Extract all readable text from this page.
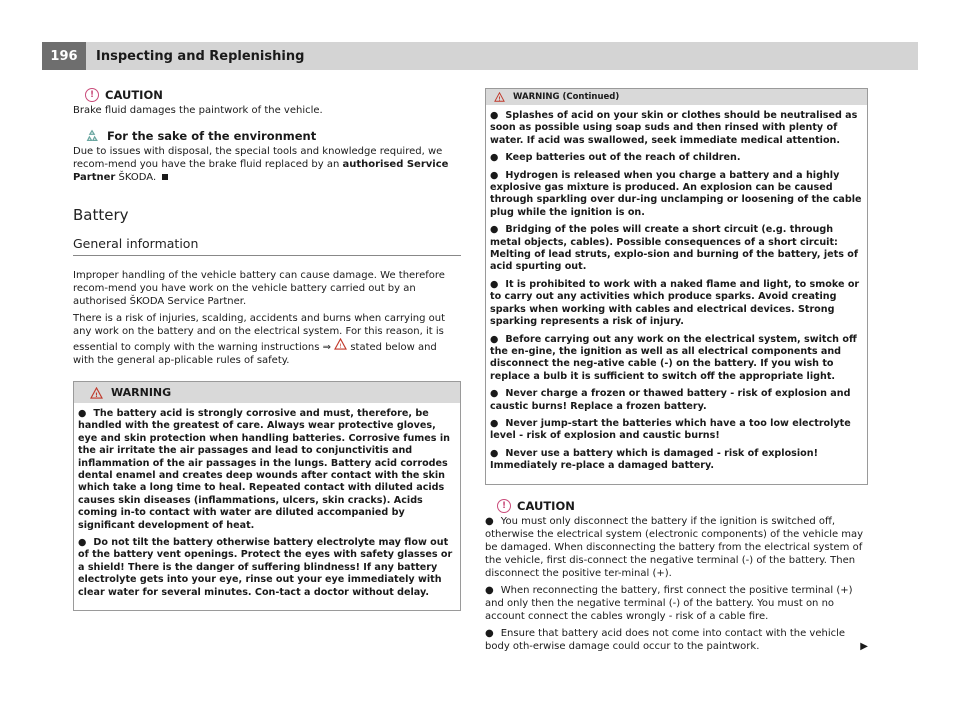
196	Inspecting and Replenishing
! CAUTION
Brake fluid damages the paintwork of the vehicle.
For the sake of the environment
Due to issues with disposal, the special tools and knowledge required, we recom-mend you have the brake fluid replaced by an authorised Service Partner ŠKODA.
Battery
General information
Improper handling of the vehicle battery can cause damage. We therefore recom-mend you have work on the vehicle battery carried out by an authorised ŠKODA Service Partner.
There is a risk of injuries, scalding, accidents and burns when carrying out any work on the battery and on the electrical system. For this reason, it is essential to comply with the warning instructions ⇒ ! stated below and with the general ap-plicable rules of safety.
! WARNING
● The battery acid is strongly corrosive and must, therefore, be handled with the greatest of care. Always wear protective gloves, eye and skin protection when handling batteries. Corrosive fumes in the air irritate the air passages and lead to conjunctivitis and inflammation of the air passages in the lungs. Battery acid corrodes dental enamel and creates deep wounds after contact with the skin which take a long time to heal. Repeated contact with diluted acids causes skin diseases (inflammations, ulcers, skin cracks). Acids coming in-to contact with water are diluted accompanied by significant development of heat.
● Do not tilt the battery otherwise battery electrolyte may flow out of the battery vent openings. Protect the eyes with safety glasses or a shield! There is the danger of suffering blindness! If any battery electrolyte gets into your eye, rinse out your eye immediately with clear water for several minutes. Con-tact a doctor without delay.
! WARNING (Continued)
● Splashes of acid on your skin or clothes should be neutralised as soon as possible using soap suds and then rinsed with plenty of water. If acid was swallowed, seek immediate medical attention.
● Keep batteries out of the reach of children.
● Hydrogen is released when you charge a battery and a highly explosive gas mixture is produced. An explosion can be caused through sparkling over dur-ing unclamping or loosening of the cable plug while the ignition is on.
● Bridging of the poles will create a short circuit (e.g. through metal objects, cables). Possible consequences of a short circuit: Melting of lead struts, explo-sion and burning of the battery, jets of acid spurting out.
● It is prohibited to work with a naked flame and light, to smoke or to carry out any activities which produce sparks. Avoid creating sparks when working with cables and electrical devices. Strong sparking represents a risk of injury.
● Before carrying out any work on the electrical system, switch off the en-gine, the ignition as well as all electrical components and disconnect the neg-ative cable (-) on the battery. If you wish to replace a bulb it is sufficient to switch off the appropriate light.
● Never charge a frozen or thawed battery - risk of explosion and caustic burns! Replace a frozen battery.
● Never jump-start the batteries which have a too low electrolyte level - risk of explosion and caustic burns!
● Never use a battery which is damaged - risk of explosion! Immediately re-place a damaged battery.
! CAUTION
● You must only disconnect the battery if the ignition is switched off, otherwise the electrical system (electronic components) of the vehicle may be damaged. When disconnecting the battery from the electrical system of the vehicle, first dis-connect the negative terminal (-) of the battery. Then disconnect the positive ter-minal (+).
● When reconnecting the battery, first connect the positive terminal (+) and only then the negative terminal (-) of the battery. You must on no account connect the cables wrongly - risk of a cable fire.
● Ensure that battery acid does not come into contact with the vehicle body oth-erwise damage could occur to the paintwork.	▶
